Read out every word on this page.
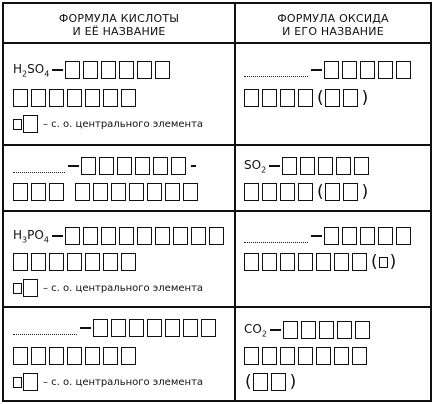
ФОРМУЛА КИСЛОТЫ
И ЕЁ НАЗВАНИЕ
ФОРМУЛА ОКСИДА
И ЕГО НАЗВАНИЕ
$H_2SO_4$
– с. о. центрального элемента
$H_3PO_4$
– с. о. центрального элемента
– с. о. центрального элемента
( )
$SO_2$
( )
( )
$CO_2$
( )
